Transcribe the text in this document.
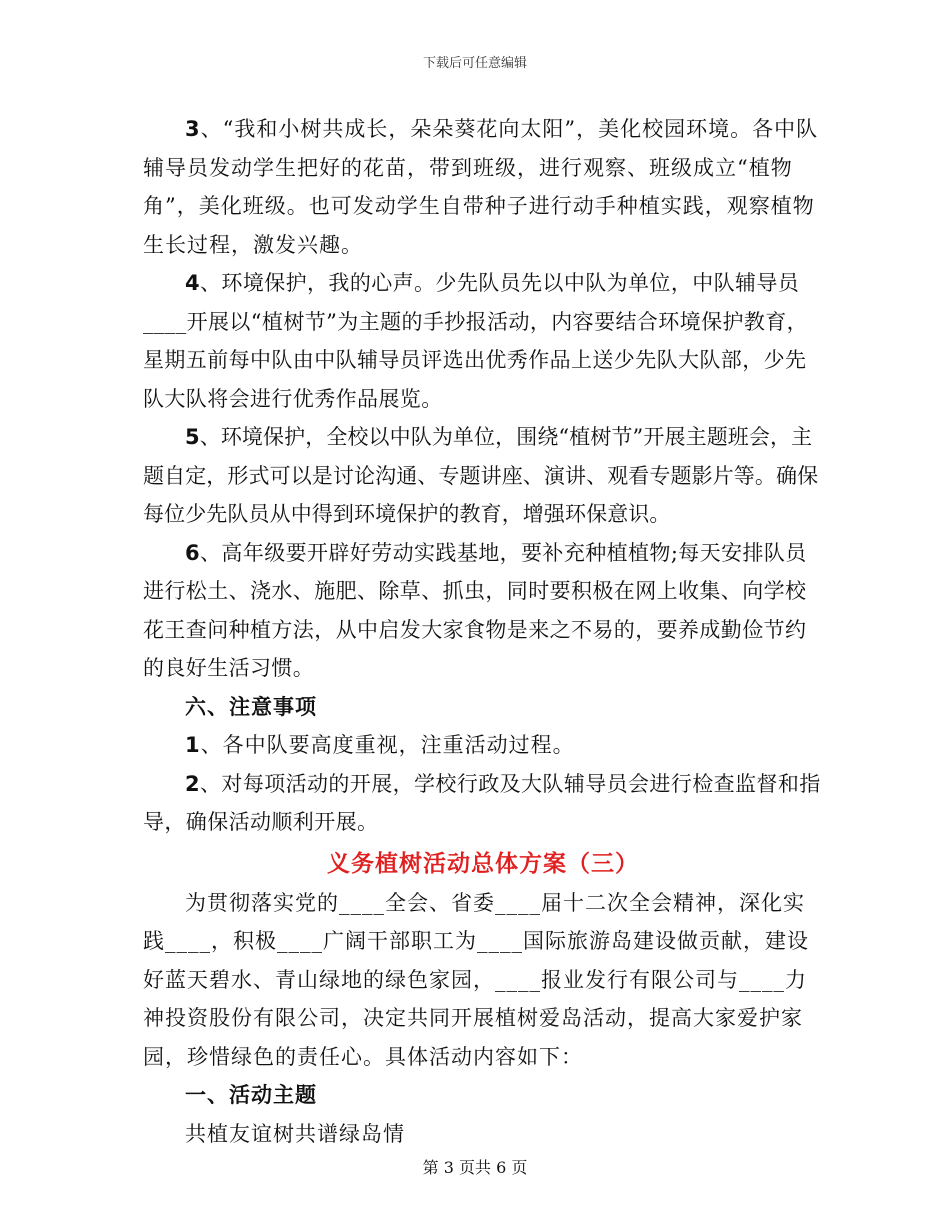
下载后可任意编辑

3、“我和小树共成长，朵朵葵花向太阳”，美化校园环境。各中队辅导员发动学生把好的花苗，带到班级，进行观察、班级成立“植物角”，美化班级。也可发动学生自带种子进行动手种植实践，观察植物生长过程，激发兴趣。

4、环境保护，我的心声。少先队员先以中队为单位，中队辅导员____开展以“植树节”为主题的手抄报活动，内容要结合环境保护教育，星期五前每中队由中队辅导员评选出优秀作品上送少先队大队部，少先队大队将会进行优秀作品展览。

5、环境保护，全校以中队为单位，围绕“植树节”开展主题班会，主题自定，形式可以是讨论沟通、专题讲座、演讲、观看专题影片等。确保每位少先队员从中得到环境保护的教育，增强环保意识。

6、高年级要开辟好劳动实践基地，要补充种植植物;每天安排队员进行松土、浇水、施肥、除草、抓虫，同时要积极在网上收集、向学校花王查问种植方法，从中启发大家食物是来之不易的，要养成勤俭节约的良好生活习惯。

六、注意事项

1、各中队要高度重视，注重活动过程。

2、对每项活动的开展，学校行政及大队辅导员会进行检查监督和指导，确保活动顺利开展。

义务植树活动总体方案（三）

为贯彻落实党的____全会、省委____届十二次全会精神，深化实践____，积极____广阔干部职工为____国际旅游岛建设做贡献，建设好蓝天碧水、青山绿地的绿色家园，____报业发行有限公司与____力神投资股份有限公司，决定共同开展植树爱岛活动，提高大家爱护家园，珍惜绿色的责任心。具体活动内容如下：

一、活动主题

共植友谊树共谱绿岛情

第 3 页共 6 页
